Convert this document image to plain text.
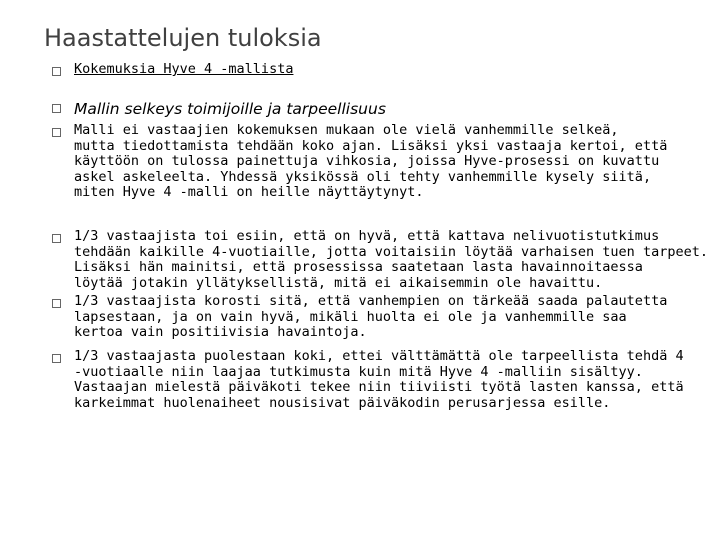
Haastattelujen tuloksia
Kokemuksia Hyve 4 -mallista
Mallin selkeys toimijoille ja tarpeellisuus
Malli ei vastaajien kokemuksen mukaan ole vielä vanhemmille selkeä,
mutta tiedottamista tehdään koko ajan. Lisäksi yksi vastaaja kertoi, että
käyttöön on tulossa painettuja vihkosia, joissa Hyve-prosessi on kuvattu
askel askeleelta. Yhdessä yksikössä oli tehty vanhemmille kysely siitä,
miten Hyve 4 -malli on heille näyttäytynyt.
1/3 vastaajista toi esiin, että on hyvä, että kattava nelivuotistutkimus
tehdään kaikille 4-vuotiaille, jotta voitaisiin löytää varhaisen tuen tarpeet.
Lisäksi hän mainitsi, että prosessissa saatetaan lasta havainnoitaessa
löytää jotakin yllätyksellistä, mitä ei aikaisemmin ole havaittu.
1/3 vastaajista korosti sitä, että vanhempien on tärkeää saada palautetta
lapsestaan, ja on vain hyvä, mikäli huolta ei ole ja vanhemmille saa
kertoa vain positiivisia havaintoja.
1/3 vastaajasta puolestaan koki, ettei välttämättä ole tarpeellista tehdä 4
-vuotiaalle niin laajaa tutkimusta kuin mitä Hyve 4 -malliin sisältyy.
Vastaajan mielestä päiväkoti tekee niin tiiviisti työtä lasten kanssa, että
karkeimmat huolenaiheet nousisivat päiväkodin perusarjessa esille.
